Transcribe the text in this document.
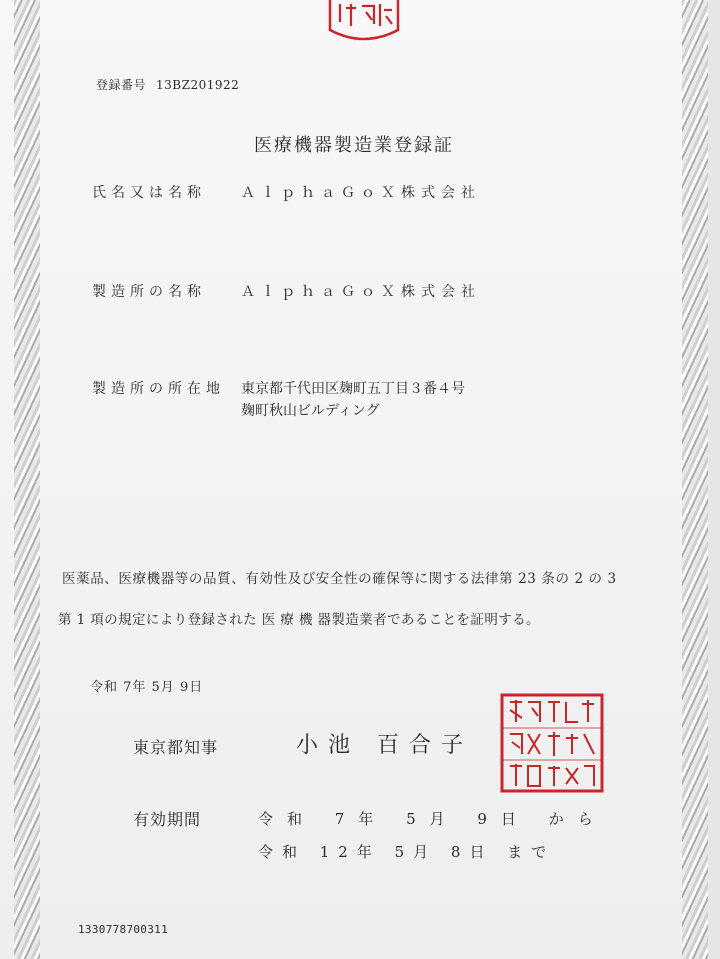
登録番号 13BZ201922
医療機器製造業登録証
氏名又は名称	ＡｌｐｈａＧｏＸ株式会社
製造所の名称	ＡｌｐｈａＧｏＸ株式会社
製造所の所在地 東京都千代田区麹町五丁目３番４号
麹町秋山ビルディング
医薬品、医療機器等の品質、有効性及び安全性の確保等に関する法律第 23 条の 2 の 3
第 1 項の規定により登録された 医 療 機 器製造業者であることを証明する。
令和 7年 5月 9日
東京都知事	小池 百合子
有効期間	令和 7年 5月 9日 から
令和 12年 5月 8日 まで
1330778700311
